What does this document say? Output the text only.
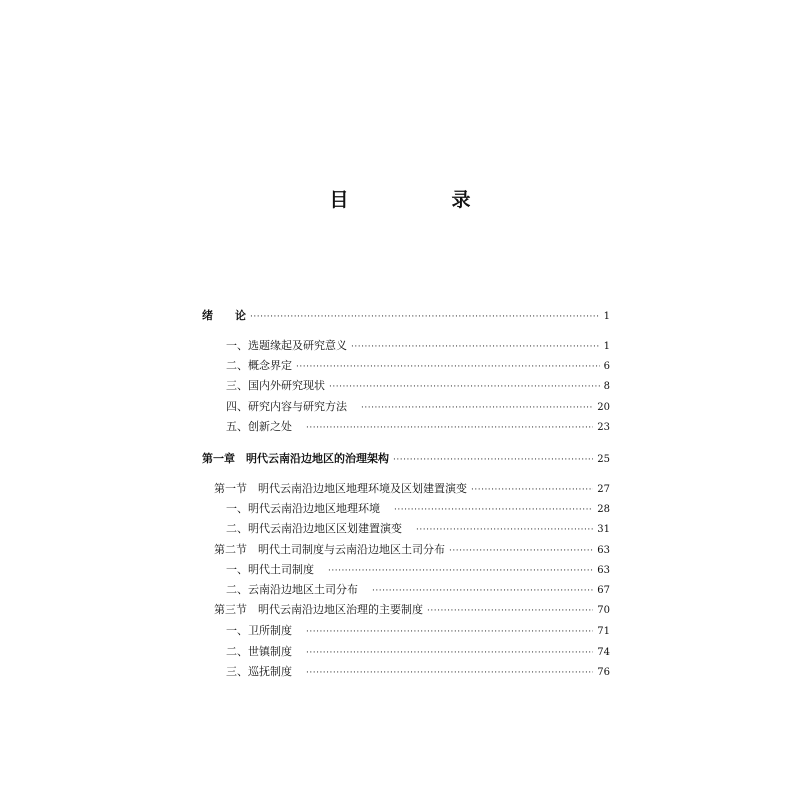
目　录
绪　　论 ·····	1
一、选题缘起及研究意义 ·····	1
二、概念界定 ·····	6
三、国内外研究现状 ·····	8
四、研究内容与研究方法 ·····	20
五、创新之处 ·····	23
第一章　明代云南沿边地区的治理架构 ·····	25
第一节　明代云南沿边地区地理环境及区划建置演变 ·····	27
一、明代云南沿边地区地理环境 ·····	28
二、明代云南沿边地区区划建置演变 ·····	31
第二节　明代土司制度与云南沿边地区土司分布 ·····	63
一、明代土司制度 ·····	63
二、云南沿边地区土司分布 ·····	67
第三节　明代云南沿边地区治理的主要制度 ·····	70
一、卫所制度 ·····	71
二、世镇制度 ·····	74
三、巡抚制度 ·····	76
